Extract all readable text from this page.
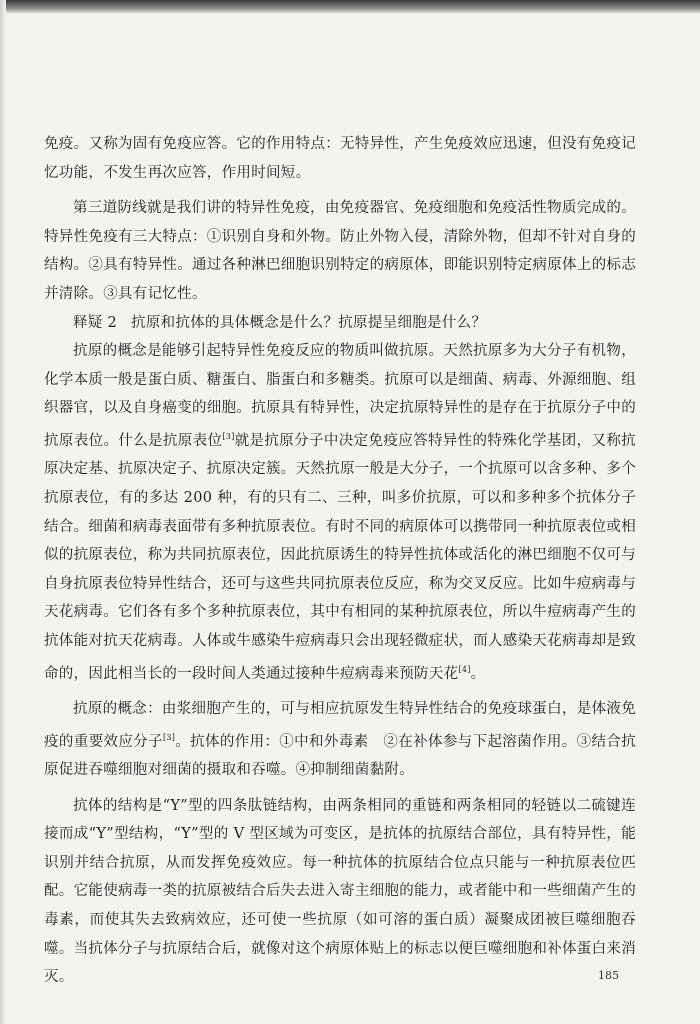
免疫。又称为固有免疫应答。它的作用特点：无特异性，产生免疫效应迅速，但没有免疫记忆功能，不发生再次应答，作用时间短。

第三道防线就是我们讲的特异性免疫，由免疫器官、免疫细胞和免疫活性物质完成的。特异性免疫有三大特点：①识别自身和外物。防止外物入侵，清除外物，但却不针对自身的结构。②具有特异性。通过各种淋巴细胞识别特定的病原体，即能识别特定病原体上的标志并清除。③具有记忆性。

释疑 2 抗原和抗体的具体概念是什么？抗原提呈细胞是什么？

抗原的概念是能够引起特异性免疫反应的物质叫做抗原。天然抗原多为大分子有机物，化学本质一般是蛋白质、糖蛋白、脂蛋白和多糖类。抗原可以是细菌、病毒、外源细胞、组织器官，以及自身癌变的细胞。抗原具有特异性，决定抗原特异性的是存在于抗原分子中的抗原表位。什么是抗原表位[3]就是抗原分子中决定免疫应答特异性的特殊化学基团，又称抗原决定基、抗原决定子、抗原决定簇。天然抗原一般是大分子，一个抗原可以含多种、多个抗原表位，有的多达 200 种，有的只有二、三种，叫多价抗原，可以和多种多个抗体分子结合。细菌和病毒表面带有多种抗原表位。有时不同的病原体可以携带同一种抗原表位或相似的抗原表位，称为共同抗原表位，因此抗原诱生的特异性抗体或活化的淋巴细胞不仅可与自身抗原表位特异性结合，还可与这些共同抗原表位反应，称为交叉反应。比如牛痘病毒与天花病毒。它们各有多个多种抗原表位，其中有相同的某种抗原表位，所以牛痘病毒产生的抗体能对抗天花病毒。人体或牛感染牛痘病毒只会出现轻微症状，而人感染天花病毒却是致命的，因此相当长的一段时间人类通过接种牛痘病毒来预防天花[4]。

抗原的概念：由浆细胞产生的，可与相应抗原发生特异性结合的免疫球蛋白，是体液免疫的重要效应分子[3]。抗体的作用：①中和外毒素　②在补体参与下起溶菌作用。③结合抗原促进吞噬细胞对细菌的摄取和吞噬。④抑制细菌黏附。

抗体的结构是“Y”型的四条肽链结构，由两条相同的重链和两条相同的轻链以二硫键连接而成“Y”型结构，“Y”型的 V 型区域为可变区，是抗体的抗原结合部位，具有特异性，能识别并结合抗原，从而发挥免疫效应。每一种抗体的抗原结合位点只能与一种抗原表位匹配。它能使病毒一类的抗原被结合后失去进入寄主细胞的能力，或者能中和一些细菌产生的毒素，而使其失去致病效应，还可使一些抗原（如可溶的蛋白质）凝聚成团被巨噬细胞吞噬。当抗体分子与抗原结合后，就像对这个病原体贴上的标志以便巨噬细胞和补体蛋白来消灭。	185
